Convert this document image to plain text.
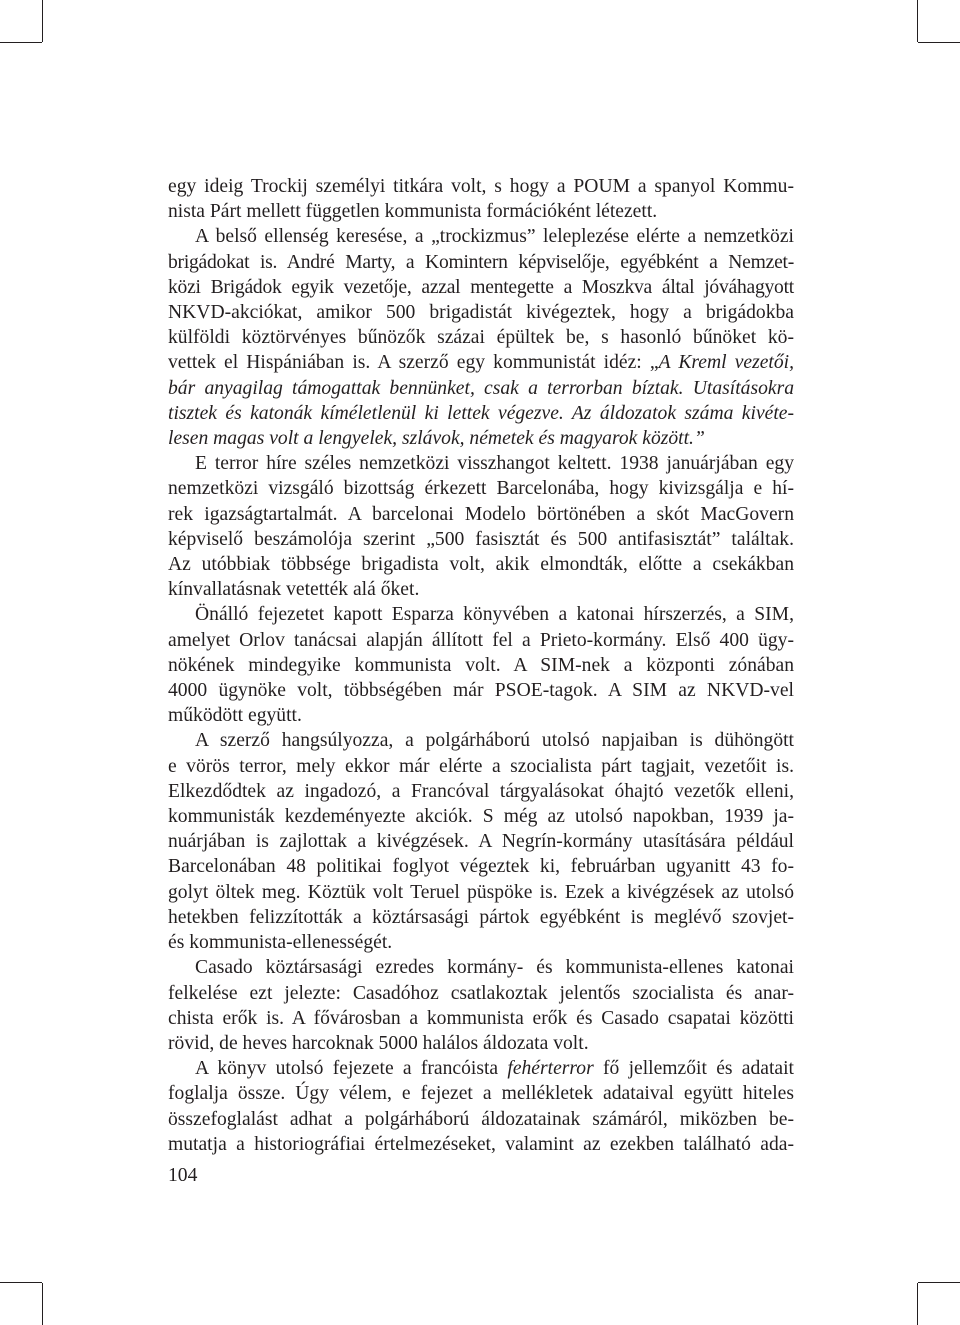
egy ideig Trockij személyi titkára volt, s hogy a POUM a spanyol Kommu-
nista Párt mellett független kommunista formációként létezett.
A belső ellenség keresése, a „trockizmus” leleplezése elérte a nemzetközi
brigádokat is. André Marty, a Komintern képviselője, egyébként a Nemzet-
közi Brigádok egyik vezetője, azzal mentegette a Moszkva által jóváhagyott
NKVD-akciókat, amikor 500 brigadistát kivégeztek, hogy a brigádokba
külföldi köztörvényes bűnözők százai épültek be, s hasonló bűnöket kö-
vettek el Hispániában is. A szerző egy kommunistát idéz: „A Kreml vezetői,
bár anyagilag támogattak bennünket, csak a terrorban bíztak. Utasításokra
tisztek és katonák kíméletlenül ki lettek végezve. Az áldozatok száma kivéte-
lesen magas volt a lengyelek, szlávok, németek és magyarok között.”
E terror híre széles nemzetközi visszhangot keltett. 1938 januárjában egy
nemzetközi vizsgáló bizottság érkezett Barcelonába, hogy kivizsgálja e hí-
rek igazságtartalmát. A barcelonai Modelo börtönében a skót MacGovern
képviselő beszámolója szerint „500 fasisztát és 500 antifasisztát” találtak.
Az utóbbiak többsége brigadista volt, akik elmondták, előtte a csekákban
kínvallatásnak vetették alá őket.
Önálló fejezetet kapott Esparza könyvében a katonai hírszerzés, a SIM,
amelyet Orlov tanácsai alapján állított fel a Prieto-kormány. Első 400 ügy-
nökének mindegyike kommunista volt. A SIM-nek a központi zónában
4000 ügynöke volt, többségében már PSOE-tagok. A SIM az NKVD-vel
működött együtt.
A szerző hangsúlyozza, a polgárháború utolsó napjaiban is dühöngött
e vörös terror, mely ekkor már elérte a szocialista párt tagjait, vezetőit is.
Elkezdődtek az ingadozó, a Francóval tárgyalásokat óhajtó vezetők elleni,
kommunisták kezdeményezte akciók. S még az utolsó napokban, 1939 ja-
nuárjában is zajlottak a kivégzések. A Negrín-kormány utasítására például
Barcelonában 48 politikai foglyot végeztek ki, februárban ugyanitt 43 fo-
golyt öltek meg. Köztük volt Teruel püspöke is. Ezek a kivégzések az utolsó
hetekben felizzították a köztársasági pártok egyébként is meglévő szovjet-
és kommunista-ellenességét.
Casado köztársasági ezredes kormány- és kommunista-ellenes katonai
felkelése ezt jelezte: Casadóhoz csatlakoztak jelentős szocialista és anar-
chista erők is. A fővárosban a kommunista erők és Casado csapatai közötti
rövid, de heves harcoknak 5000 halálos áldozata volt.
A könyv utolsó fejezete a francóista fehérterror fő jellemzőit és adatait
foglalja össze. Úgy vélem, e fejezet a mellékletek adataival együtt hiteles
összefoglalást adhat a polgárháború áldozatainak számáról, miközben be-
mutatja a historiográfiai értelmezéseket, valamint az ezekben található ada-
104
